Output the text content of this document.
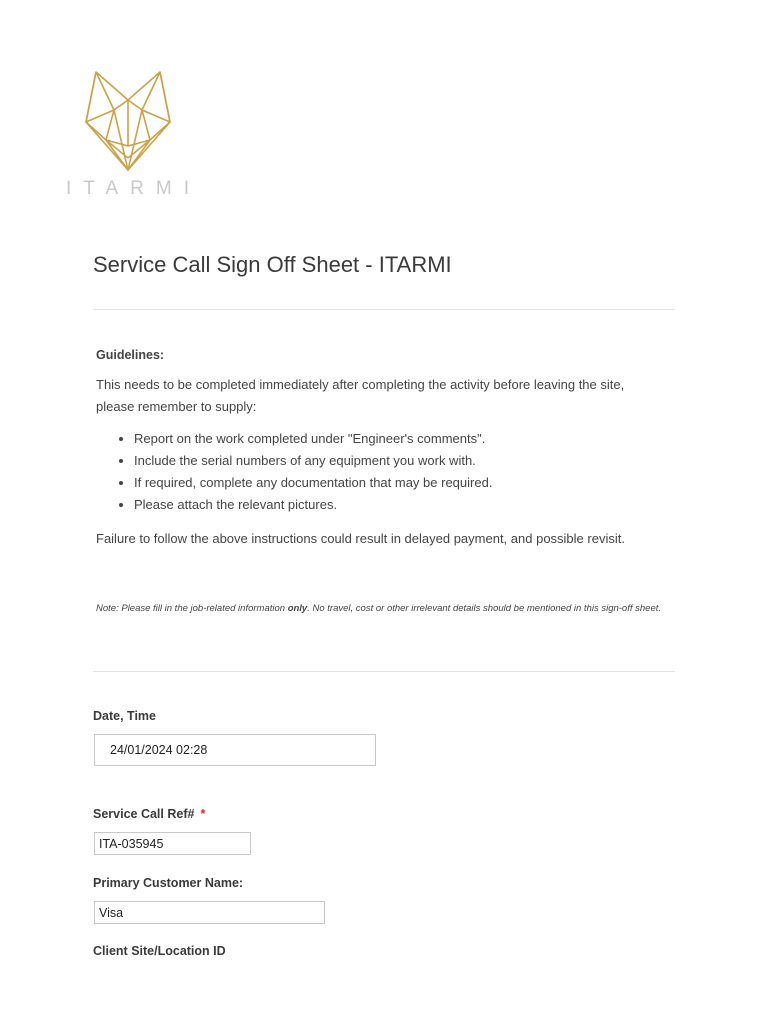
ITARMI
Service Call Sign Off Sheet - ITARMI

Guidelines:

This needs to be completed immediately after completing the activity before leaving the site, please remember to supply:

• Report on the work completed under "Engineer's comments".
• Include the serial numbers of any equipment you work with.
• If required, complete any documentation that may be required.
• Please attach the relevant pictures.

Failure to follow the above instructions could result in delayed payment, and possible revisit.

Note: Please fill in the job-related information only. No travel, cost or other irrelevant details should be mentioned in this sign-off sheet.
Date, Time
24/01/2024 02:28
Service Call Ref# *
ITA-035945
Primary Customer Name:
Visa
Client Site/Location ID
